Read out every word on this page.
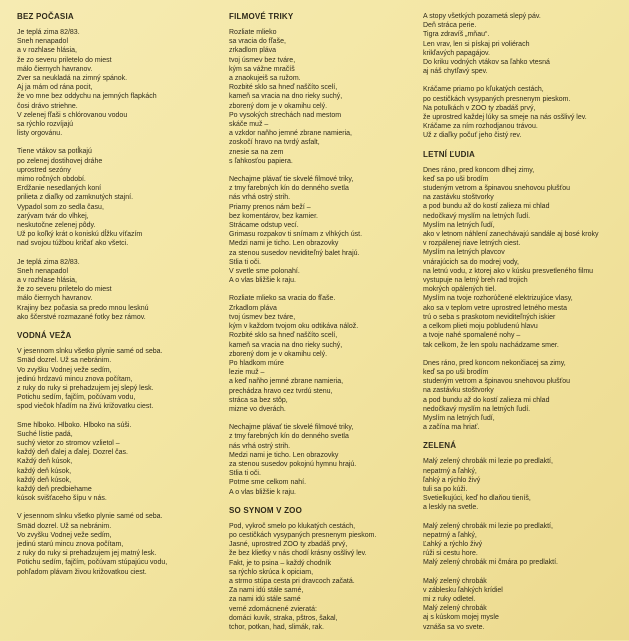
BEZ POČASIA
Je teplá zima 82/83.
Sneh nenapadol
a v rozhlase hlásia,
že zo severu priletelo do miest
málo čiernych havranov.
Zver sa neukladá na zimný spánok.
Aj ja mám od rána pocit,
že vo mne bez oddychu na jemných flapkách
čosi drávo striehne.
V zelenej fľaši s chlórovanou vodou
sa rýchlo rozvíjajú
listy orgovánu.
Tiene vtákov sa potĺkajú
po zelenej dostihovej dráhe
uprostred sezóny
mimo ročných období.
Erdžanie nesedlaných koní
prilieta z diaľky od zamknutých stajní.
Vypadol som zo sedla času,
zarývam tvár do vlhkej,
neskutočne zelenej pôdy.
Už po koľký krát o koniskú dĺžku víťazím
nad svojou túžbou kričať ako všetci.
Je teplá zima 82/83.
Sneh nenapadol
a v rozhlase hlásia,
že zo severu priletelo do miest
málo čiernych havranov.
Krajiny bez počasia sa predo mnou lesknú
ako ščerstvé rozmazané fotky bez rámov.
VODNÁ VEŽA
V jesennom slnku všetko plynie samé od seba.
Smäd dozrel. Už sa nebránim.
Vo zvyšku Vodnej veže sedím,
jedinú hrdzavú mincu znova počítam,
z ruky do ruky si prehadzujem jej slepý lesk.
Potichu sedím, fajčím, počúvam vodu,
spod viečok hľadím na živú križovatku ciest.
Sme hlboko. Hlboko. Hlboko na súši.
Suché lístie padá,
suchý vietor zo stromov vzlietol –
každý deň ďalej a ďalej. Dozrel čas.
Každý deň kúsok,
každý deň kúsok,
každý deň kúsok,
každý deň predbiehame
kúsok svišťaceho šípu v nás.
V jesennom slnku všetko plynie samé od seba.
Smäd dozrel. Už sa nebránim.
Vo zvyšku Vodnej veže sedím,
jedinú starú mincu znova počítam,
z ruky do ruky si prehadzujem jej matný lesk.
Potichu sedím, fajčím, počúvam stúpajúcu vodu,
pohľadom plávam živou križovatkou ciest.
FILMOVÉ TRIKY
Rozliate mlieko
sa vracia do fľaše,
zrkadlom pláva
tvoj úsmev bez tváre,
kým sa vážne mračíš
a znaokujeiš sa ružom.
Rozbité sklo sa hneď naščíto scelí,
kameň sa vracia na dno rieky suchý,
zborený dom je v okamihu celý.
Po vysokých strechách nad mestom
skáče muž –
a vzkdor naňho jemné zbrane namieria,
zoskočí hravo na tvrdý asfalt,
znesie sa na zem
s ľahkosťou papiera.
Nechajme plávať tie skvelé filmové triky,
z tmy farebných kín do denného svetla
nás vrhá ostrý strih.
Priamy prenos nám beží –
bez komentárov, bez kamier.
Strácame odstup vecí.
Grimasu rozpakov ti snímam z vlhkých úst.
Medzi nami je ticho. Len obrazovky
za stenou susedov neviditeľný balet hrajú.
Stlia ti oči.
V svetle sme polonahí.
A o vlas bližšie k raju.
Rozliate mlieko sa vracia do fľaše.
Zrkadlom pláva
tvoj úsmev bez tváre,
kým v každom tvojom oku odtikáva nálož.
Rozbité sklo sa hneď naščíto scelí,
kameň sa vracia na dno rieky suchý,
zborený dom je v okamihu celý.
Po hladkom múre
lezie muž –
a keď naňho jemné zbrane namieria,
prechádza hravo cez tvrdú stenu,
stráca sa bez stôp,
mizne vo dverách.
Nechajme plávať tie skvelé filmové triky,
z tmy farebných kín do denného svetla
nás vrhá ostrý strih.
Medzi nami je ticho. Len obrazovky
za stenou susedov pokojnú hymnu hrajú.
Stlia ti oči.
Potme sme celkom nahí.
A o vlas bližšie k raju.
SO SYNOM V ZOO
Pod, vykroč smelo po klukatých cestách,
po cestičkách vysypaných presnenym pieskom.
Jasné, uprostred ZOO ty zbadáš prvý,
že bez klietky v nás chodí krásny osšlivý lev.
Fakt, je to psina – každý chodník
sa rýchlo skrúca k opiciam,
a strmo stúpa cesta pri dravcoch začatá.
Za nami idú stále samé,
za nami idú stále samé
verné zdomácnené zvieratá:
domáci kuvik, straka, pštros, šakal,
tchor, potkan, had, slimák, rak.
A stopy všetkých pozametá slepý páv.
Deň strácа perie.
Tigra zdravíš „mňau“.
Len vrav, len si pískaj pri voliérach
krikľavých papagájov.
Do kriku vodných vtákov sa ľahko vtesná
aj náš chytľavý spev.
Kráčame priamo po kľukatých cestách,
po cestičkách vysypaných presnenym pieskom.
Na potulkách v ZOO ty zbadáš prvý,
že uprostred každej lúky sa smeje na nás osšlivý lev.
Kráčame za ním rozhodjanou trávou.
Už z diaľky počuť jeho čistý rev.
LETNÍ ĽUDIA
Dnes ráno, pred koncom dlhej zimy,
keď sa po uši brodím
studeným vetrom a špinavou snehovou plušťou
na zastávku stoštvorky
a pod bundu až do kostí zalieza mi chlad
nedočkavý myslím na letných ľudí.
Myslím na letných ľudí,
ako v letnom náhlení zanechávajú sandále aj bosé kroky
v rozpálenej riave letných ciest.
Myslím na letných plavcov
vnárajúcich sa do modrej vody,
na letnú vodu, z ktorej ako v kúsku presvetleného filmu
vystupuje na letný breh rad trojich
mokrých opálených tiel.
Myslím na tvoje rozhorúčené elektrizujúce vlasy,
ako sa v teplom vetre uprostred letného mesta
trú o seba s praskotom neviditeľných iskier
a celkom plieti moju pobludenú hlavu
a tvoje nahé spomalené nohy –
tak celkom, že len spolu nachádzame smer.
Dnes ráno, pred koncom nekončiacej sa zimy,
keď sa po uši brodím
studeným vetrom a špinavou snehovou plušťou
na zastávku stoštvorky
a pod bundu až do kostí zalieza mi chlad
nedočkavý myslím na letných ľudí.
Myslím na letných ľudí,
a začína ma hriať.
ZELENÁ
Malý zelený chrobák mi lezie po predlaktí,
nepatrný a ľahký,
ľahký a rýchlo živý
tuli sa po kúži.
Svetielkujúci, keď ho dlaňou tieníš,
a leskly na svetle.
Malý zelený chrobák mi lezie po predlaktí,
nepatrný a ľahký,
Ľahký a rýchlo živý
rúži si cestu hore.
Malý zelený chrobák mi čmára po predlaktí.
Malý zelený chrobák
v záblesku ľahkých krídiel
mi z ruky odletel.
Malý zelený chrobák
aj s kúskom mojej mysle
vznáša sa vo svete.
